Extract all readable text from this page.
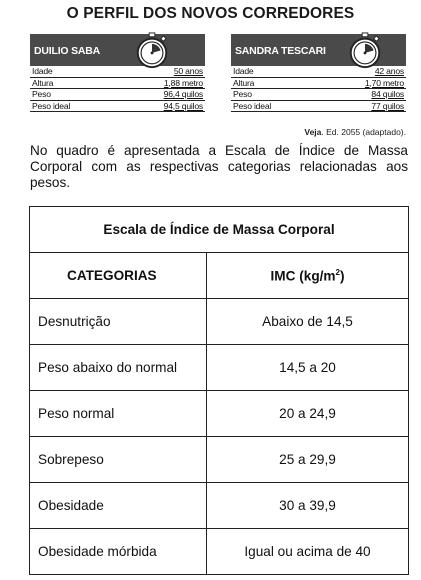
O PERFIL DOS NOVOS CORREDORES
DUILIO SABA
Idade	50 anos
Altura	1,88 metro
Peso	96,4 quilos
Peso ideal	94,5 quilos
SANDRA TESCARI
Idade	42 anos
Altura	1,70 metro
Peso	84 quilos
Peso ideal	77 quilos
Veja. Ed. 2055 (adaptado).
No quadro é apresentada a Escala de Índice de Massa Corporal com as respectivas categorias relacionadas aos pesos.
Escala de Índice de Massa Corporal	
CATEGORIAS	IMC $(kg/m^2)$
Desnutrição	Abaixo de 14,5
Peso abaixo do normal	14,5 a 20
Peso normal	20 a 24,9
Sobrepeso	25 a 29,9
Obesidade	30 a 39,9
Obesidade mórbida	Igual ou acima de 40
